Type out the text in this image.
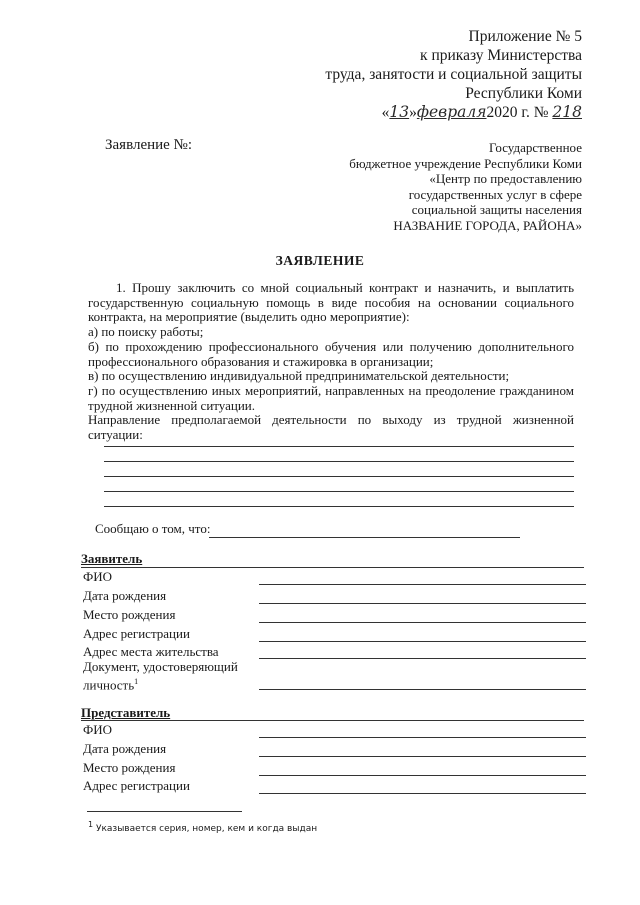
Приложение № 5
к приказу Министерства
труда, занятости и социальной защиты
Республики Коми
«13»февраля2020 г. № 218
Заявление №:	Государственное
бюджетное учреждение Республики Коми
«Центр по предоставлению
государственных услуг в сфере
социальной защиты населения
НАЗВАНИЕ ГОРОДА, РАЙОНА»
ЗАЯВЛЕНИЕ

1. Прошу заключить со мной социальный контракт и назначить, и выплатить государственную социальную помощь в виде пособия на основании социального контракта, на мероприятие (выделить одно мероприятие):

а) по поиску работы;

б) по прохождению профессионального обучения или получению дополнительного профессионального образования и стажировка в организации;

в) по осуществлению индивидуальной предпринимательской деятельности;

г) по осуществлению иных мероприятий, направленных на преодоление гражданином трудной жизненной ситуации.

Направление предполагаемой деятельности по выходу из трудной жизненной ситуации:

Сообщаю о том, что:
Заявитель
ФИО
Дата рождения
Место рождения
Адрес регистрации
Адрес места жительства
Документ, удостоверяющий личность$^1$
Представитель
ФИО
Дата рождения
Место рождения
Адрес регистрации
$^1$ Указывается серия, номер, кем и когда выдан
